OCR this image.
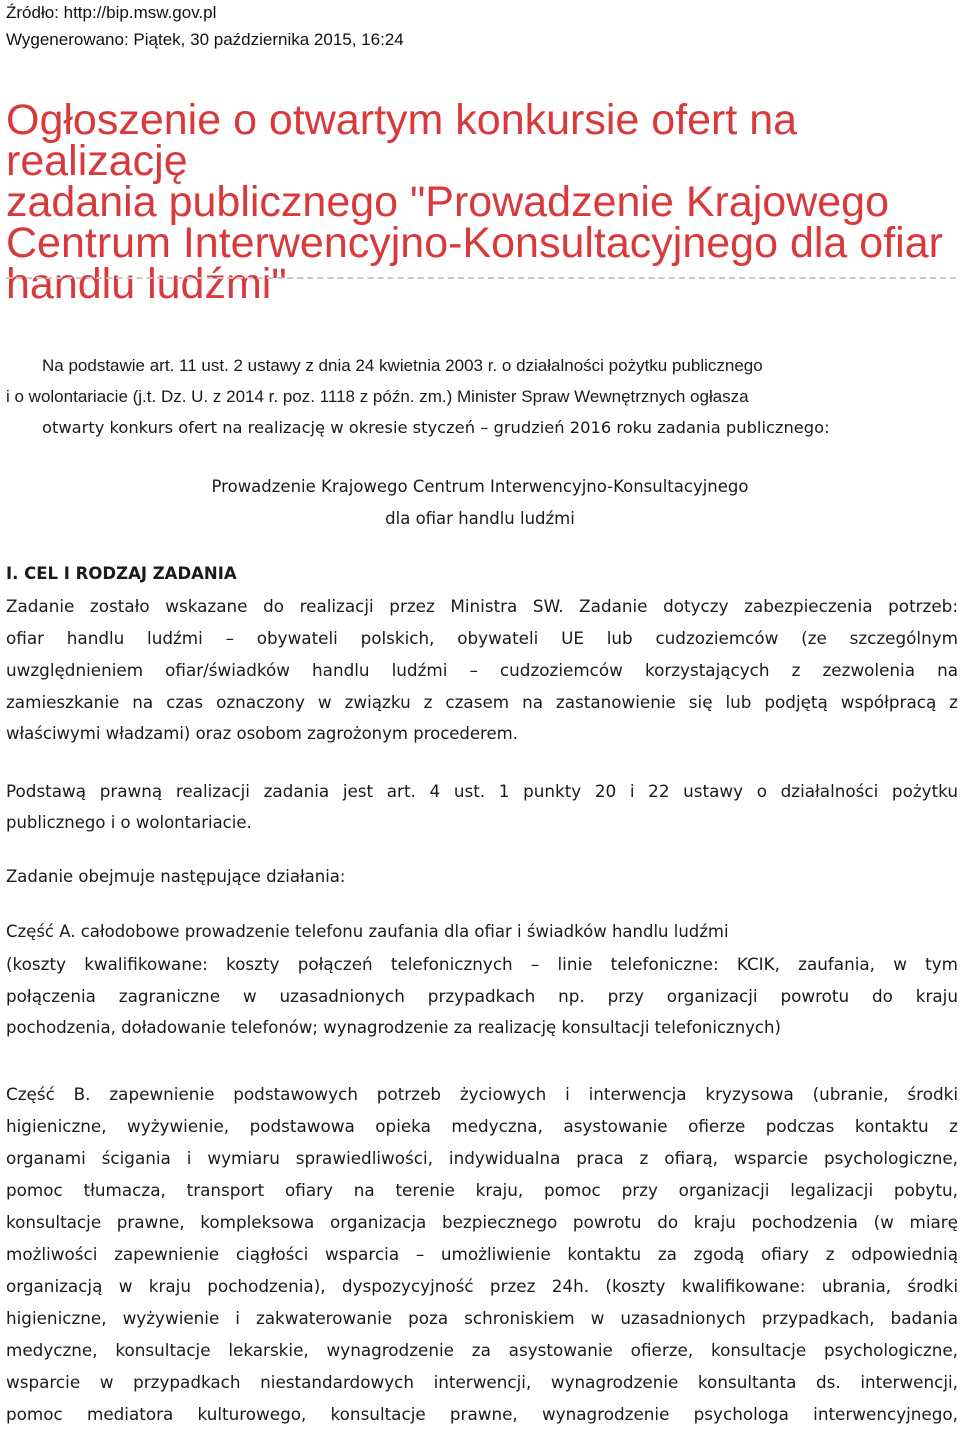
Źródło: http://bip.msw.gov.pl
Wygenerowano: Piątek, 30 października 2015, 16:24
Ogłoszenie o otwartym konkursie ofert na realizację
zadania publicznego "Prowadzenie Krajowego
Centrum Interwencyjno-Konsultacyjnego dla ofiar
handlu ludźmi"
Na podstawie art. 11 ust. 2 ustawy z dnia 24 kwietnia 2003 r. o działalności pożytku publicznego
i o wolontariacie (j.t. Dz. U. z 2014 r. poz. 1118 z późn. zm.) Minister Spraw Wewnętrznych ogłasza
otwarty konkurs ofert na realizację w okresie styczeń – grudzień 2016 roku zadania publicznego:
Prowadzenie Krajowego Centrum Interwencyjno-Konsultacyjnego
dla ofiar handlu ludźmi
I. CEL I RODZAJ ZADANIA
Zadanie zostało wskazane do realizacji przez Ministra SW. Zadanie dotyczy zabezpieczenia potrzeb:
ofiar handlu ludźmi – obywateli polskich, obywateli UE lub cudzoziemców (ze szczególnym
uwzględnieniem ofiar/świadków handlu ludźmi – cudzoziemców korzystających z zezwolenia na
zamieszkanie na czas oznaczony w związku z czasem na zastanowienie się lub podjętą współpracą z
właściwymi władzami) oraz osobom zagrożonym procederem.
Podstawą prawną realizacji zadania jest art. 4 ust. 1 punkty 20 i 22 ustawy o działalności pożytku
publicznego i o wolontariacie.
Zadanie obejmuje następujące działania:
Część A. całodobowe prowadzenie telefonu zaufania dla ofiar i świadków handlu ludźmi
(koszty kwalifikowane: koszty połączeń telefonicznych – linie telefoniczne: KCIK, zaufania, w tym
połączenia zagraniczne w uzasadnionych przypadkach np. przy organizacji powrotu do kraju
pochodzenia, doładowanie telefonów; wynagrodzenie za realizację konsultacji telefonicznych)
Część B. zapewnienie podstawowych potrzeb życiowych i interwencja kryzysowa (ubranie, środki
higieniczne, wyżywienie, podstawowa opieka medyczna, asystowanie ofierze podczas kontaktu z
organami ścigania i wymiaru sprawiedliwości, indywidualna praca z ofiarą, wsparcie psychologiczne,
pomoc tłumacza, transport ofiary na terenie kraju, pomoc przy organizacji legalizacji pobytu,
konsultacje prawne, kompleksowa organizacja bezpiecznego powrotu do kraju pochodzenia (w miarę
możliwości zapewnienie ciągłości wsparcia – umożliwienie kontaktu za zgodą ofiary z odpowiednią
organizacją w kraju pochodzenia), dyspozycyjność przez 24h. (koszty kwalifikowane: ubrania, środki
higieniczne, wyżywienie i zakwaterowanie poza schroniskiem w uzasadnionych przypadkach, badania
medyczne, konsultacje lekarskie, wynagrodzenie za asystowanie ofierze, konsultacje psychologiczne,
wsparcie w przypadkach niestandardowych interwencji, wynagrodzenie konsultanta ds. interwencji,
pomoc mediatora kulturowego, konsultacje prawne, wynagrodzenie psychologa interwencyjnego,
